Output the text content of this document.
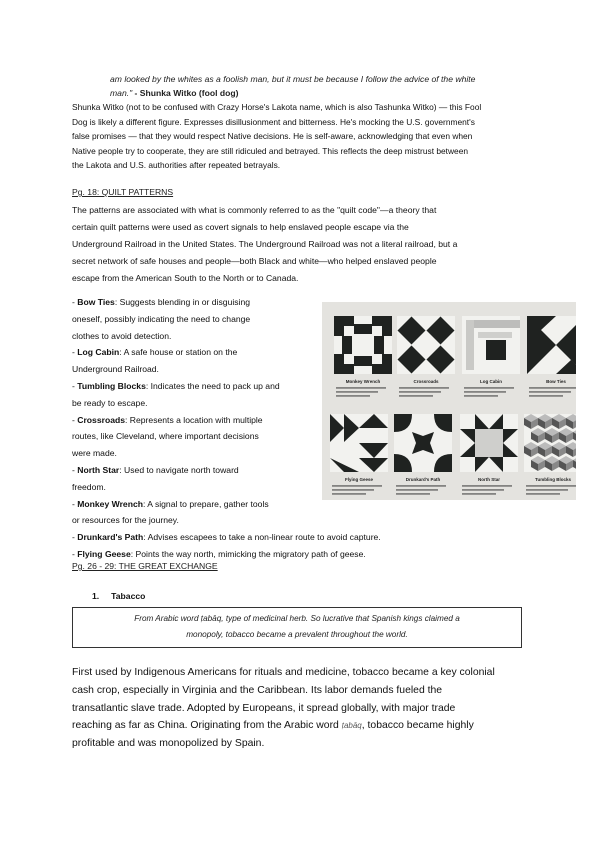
am looked by the whites as a foolish man, but it must be because I follow the advice of the white
man." - Shunka Witko (fool dog)
Shunka Witko (not to be confused with Crazy Horse's Lakota name, which is also Tashunka Witko) — this Fool
Dog is likely a different figure. Expresses disillusionment and bitterness. He's mocking the U.S. government's
false promises — that they would respect Native decisions. He is self-aware, acknowledging that even when
Native people try to cooperate, they are still ridiculed and betrayed. This reflects the deep mistrust between
the Lakota and U.S. authorities after repeated betrayals.
Pg. 18: QUILT PATTERNS
The patterns are associated with what is commonly referred to as the "quilt code"—a theory that
certain quilt patterns were used as covert signals to help enslaved people escape via the
Underground Railroad in the United States. The Underground Railroad was not a literal railroad, but a
secret network of safe houses and people—both Black and white—who helped enslaved people
escape from the American South to the North or to Canada.
- Bow Ties: Suggests blending in or disguising
oneself, possibly indicating the need to change
clothes to avoid detection.
- Log Cabin: A safe house or station on the
Underground Railroad.
- Tumbling Blocks: Indicates the need to pack up and
be ready to escape.
- Crossroads: Represents a location with multiple
routes, like Cleveland, where important decisions
were made.
- North Star: Used to navigate north toward
freedom.
- Monkey Wrench: A signal to prepare, gather tools
or resources for the journey.
- Drunkard's Path: Advises escapees to take a non-linear route to avoid capture.
- Flying Geese: Points the way north, mimicking the migratory path of geese.
Monkey Wrench	Crossroads	Log Cabin	Bow Ties
Flying Geese	Drunkard's Path	North Star	Tumbling Blocks
Pg. 26 - 29: THE GREAT EXCHANGE
1. Tabacco
From Arabic word ṭabāq, type of medicinal herb. So lucrative that Spanish kings claimed a
monopoly, tobacco became a prevalent throughout the world.
First used by Indigenous Americans for rituals and medicine, tobacco became a key colonial
cash crop, especially in Virginia and the Caribbean. Its labor demands fueled the
transatlantic slave trade. Adopted by Europeans, it spread globally, with major trade
reaching as far as China. Originating from the Arabic word ṭabāq, tobacco became highly
profitable and was monopolized by Spain.
